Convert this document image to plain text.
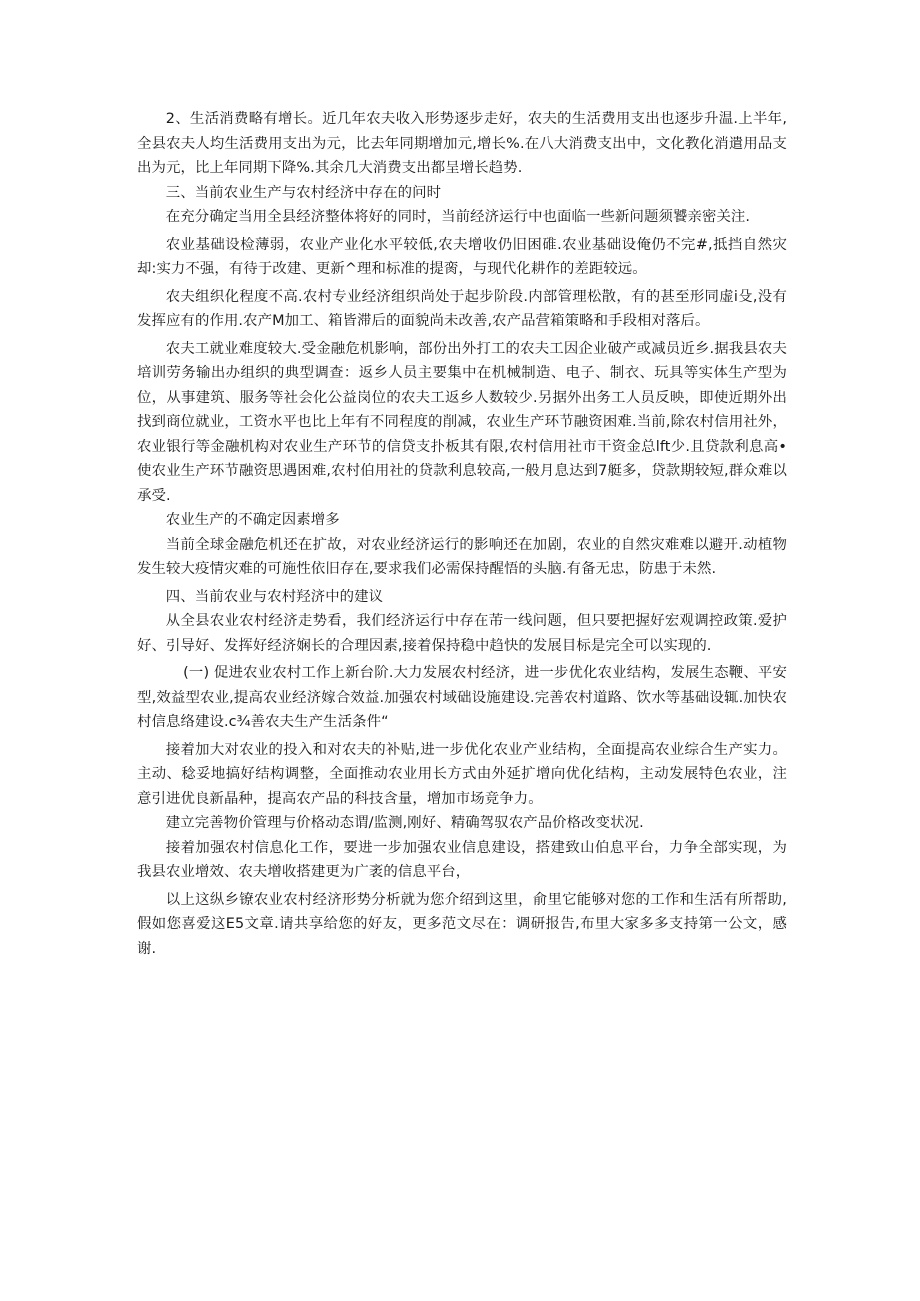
2、生活消费略有增长。近几年农夫收入形势逐步走好，农夫的生活费用支出也逐步升温.上半年,全县农夫人均生活费用支出为元，比去年同期增加元,增长%.在八大消费支出中，文化教化消遣用品支出为元，比上年同期下降%.其余几大消费支出都呈增长趋势.

三、当前农业生产与农村经济中存在的问时

在充分确定当用全县经济整体将好的同时，当前经济运行中也面临一些新问题须饕亲密关注.

农业基础设检薄弱，农业产业化水平较低,农夫增收仍旧困碓.农业基础设俺仍不完#,抵挡自然灾却:实力不强，有待于改建、更新^理和标准的提脔，与现代化耕作的差距较远。

农夫组织化程度不高.农村专业经济组织尚处于起步阶段.内部管理松散，有的甚至形同虚i殳,没有发挥应有的作用.农产M加工、箱皆滞后的面貌尚未改善,农产品营箱策略和手段相对落后。

农夫工就业难度较大.受金融危机影响，部份出外打工的农夫工因企业破产或减员近乡.据我县农夫培训劳务输出办组织的典型调查：返乡人员主要集中在机械制造、电子、制衣、玩具等实体生产型为位，从事建筑、服务等社会化公益岗位的农夫工返乡人数较少.另据外出务工人员反映，即使近期外出找到商位就业，工资水平也比上年有不同程度的削减，农业生产环节融资困难.当前,除农村信用社外，农业银行等金融机构对农业生产环节的信贷支扑板其有限,农村信用社市干资金总lft少.且贷款利息高•使农业生产环节融资思遇困难,农村伯用社的贷款利息较高,一般月息达到7艇多，贷款期较短,群众难以承受.

农业生产的不确定因素增多

当前全球金融危机还在扩故，对农业经济运行的影响还在加剧，农业的自然灾难难以避开.动植物发生较大疫情灾难的可施性依旧存在,要求我们必需保持醒悟的头脑.有备无忠，防患于未然.

四、当前农业与农村羟济中的建议

从全县农业农村经济走势看，我们经济运行中存在芾一线问题，但只要把握好宏观调控政策.爱护好、引导好、发挥好经济娴长的合理因素,接着保持稳中趋快的发展目标是完全可以实现的.

(一) 促进农业农村工作上新台阶.大力发展农村经济，进一步优化农业结构，发展生态鞭、平安型,效益型农业,提高农业经济嫁合效益.加强农村域础设施建设.完善农村道路、饮水等基础设辄.加快农村信息络建设.c¾善农夫生产生活条件“

接着加大对农业的投入和对农夫的补贴,进一步优化农业产业结构，全面提高农业综合生产实力。主动、稔妥地搞好结构调整，全面推动农业用长方式由外延扩增向优化结构，主动发展特色农业，注意引进优良新晶种，提高农产品的科技含量，增加市场竞争力。

建立完善物价管理与价格动态谓/监测,刚好、精确驾驭农产品价格改变状况.

接着加强农村信息化工作，要进一步加强农业信息建设，搭建致山伯息平台，力争全部实现，为我县农业增效、农夫增收搭建更为广袤的信息平台，

以上这纵乡镣农业农村经济形势分析就为您介绍到这里，俞里它能够对您的工作和生活有所帮助,假如您喜爱这E5文章.请共享给您的好友，更多范文尽在：调研报告,布里大家多多支持第一公文，感谢.
